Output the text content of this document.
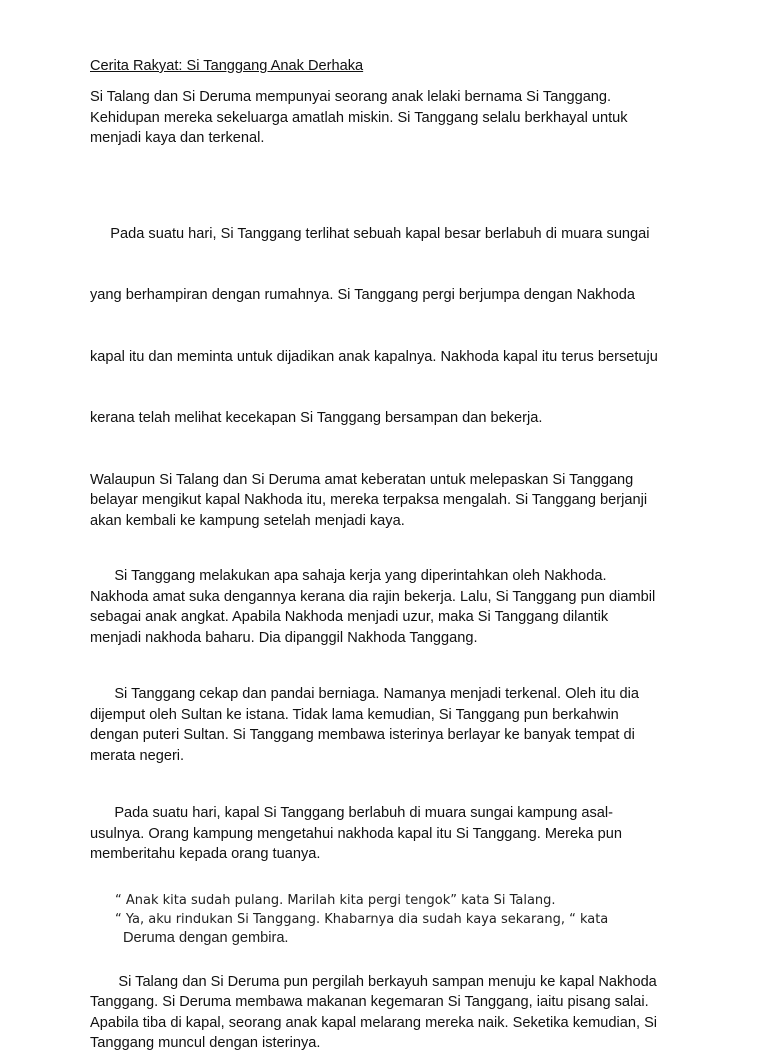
Cerita Rakyat: Si Tanggang Anak Derhaka

Si Talang dan Si Deruma mempunyai seorang anak lelaki bernama Si Tanggang.
Kehidupan mereka sekeluarga amatlah miskin. Si Tanggang selalu berkhayal untuk
menjadi kaya dan terkenal.

Pada suatu hari, Si Tanggang terlihat sebuah kapal besar berlabuh di muara sungai

yang berhampiran dengan rumahnya. Si Tanggang pergi berjumpa dengan Nakhoda

kapal itu dan meminta untuk dijadikan anak kapalnya. Nakhoda kapal itu terus bersetuju

kerana telah melihat kecekapan Si Tanggang bersampan dan bekerja.

Walaupun Si Talang dan Si Deruma amat keberatan untuk melepaskan Si Tanggang
belayar mengikut kapal Nakhoda itu, mereka terpaksa mengalah. Si Tanggang berjanji
akan kembali ke kampung setelah menjadi kaya.

Si Tanggang melakukan apa sahaja kerja yang diperintahkan oleh Nakhoda.
Nakhoda amat suka dengannya kerana dia rajin bekerja. Lalu, Si Tanggang pun diambil
sebagai anak angkat. Apabila Nakhoda menjadi uzur, maka Si Tanggang dilantik
menjadi nakhoda baharu. Dia dipanggil Nakhoda Tanggang.

Si Tanggang cekap dan pandai berniaga. Namanya menjadi terkenal. Oleh itu dia
dijemput oleh Sultan ke istana. Tidak lama kemudian, Si Tanggang pun berkahwin
dengan puteri Sultan. Si Tanggang membawa isterinya berlayar ke banyak tempat di
merata negeri.

Pada suatu hari, kapal Si Tanggang berlabuh di muara sungai kampung asal-
usulnya. Orang kampung mengetahui nakhoda kapal itu Si Tanggang. Mereka pun
memberitahu kepada orang tuanya.

“ Anak kita sudah pulang. Marilah kita pergi tengok” kata Si Talang.
“ Ya, aku rindukan Si Tanggang. Khabarnya dia sudah kaya sekarang, “ kata
Deruma dengan gembira.

Si Talang dan Si Deruma pun pergilah berkayuh sampan menuju ke kapal Nakhoda
Tanggang. Si Deruma membawa makanan kegemaran Si Tanggang, iaitu pisang salai.
Apabila tiba di kapal, seorang anak kapal melarang mereka naik. Seketika kemudian, Si
Tanggang muncul dengan isterinya.
